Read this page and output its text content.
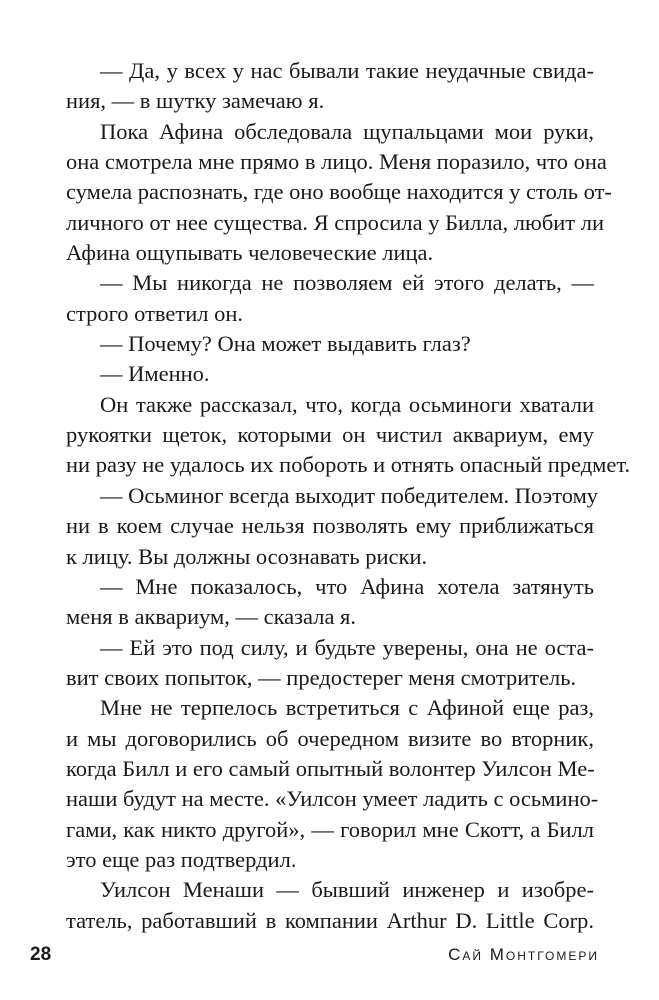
— Да, у всех у нас бывали такие неудачные свида-
ния, — в шутку замечаю я.
Пока Афина обследовала щупальцами мои руки,
она смотрела мне прямо в лицо. Меня поразило, что она
сумела распознать, где оно вообще находится у столь от-
личного от нее существа. Я спросила у Билла, любит ли
Афина ощупывать человеческие лица.
— Мы никогда не позволяем ей этого делать, —
строго ответил он.
— Почему? Она может выдавить глаз?
— Именно.
Он также рассказал, что, когда осьминоги хватали
рукоятки щеток, которыми он чистил аквариум, ему
ни разу не удалось их побороть и отнять опасный предмет.
— Осьминог всегда выходит победителем. Поэтому
ни в коем случае нельзя позволять ему приближаться
к лицу. Вы должны осознавать риски.
— Мне показалось, что Афина хотела затянуть
меня в аквариум, — сказала я.
— Ей это под силу, и будьте уверены, она не оста-
вит своих попыток, — предостерег меня смотритель.
Мне не терпелось встретиться с Афиной еще раз,
и мы договорились об очередном визите во вторник,
когда Билл и его самый опытный волонтер Уилсон Ме-
наши будут на месте. «Уилсон умеет ладить с осьмино-
гами, как никто другой», — говорил мне Скотт, а Билл
это еще раз подтвердил.
Уилсон Менаши — бывший инженер и изобре-
татель, работавший в компании Arthur D. Little Corp.
28	Сай Монтгомери
